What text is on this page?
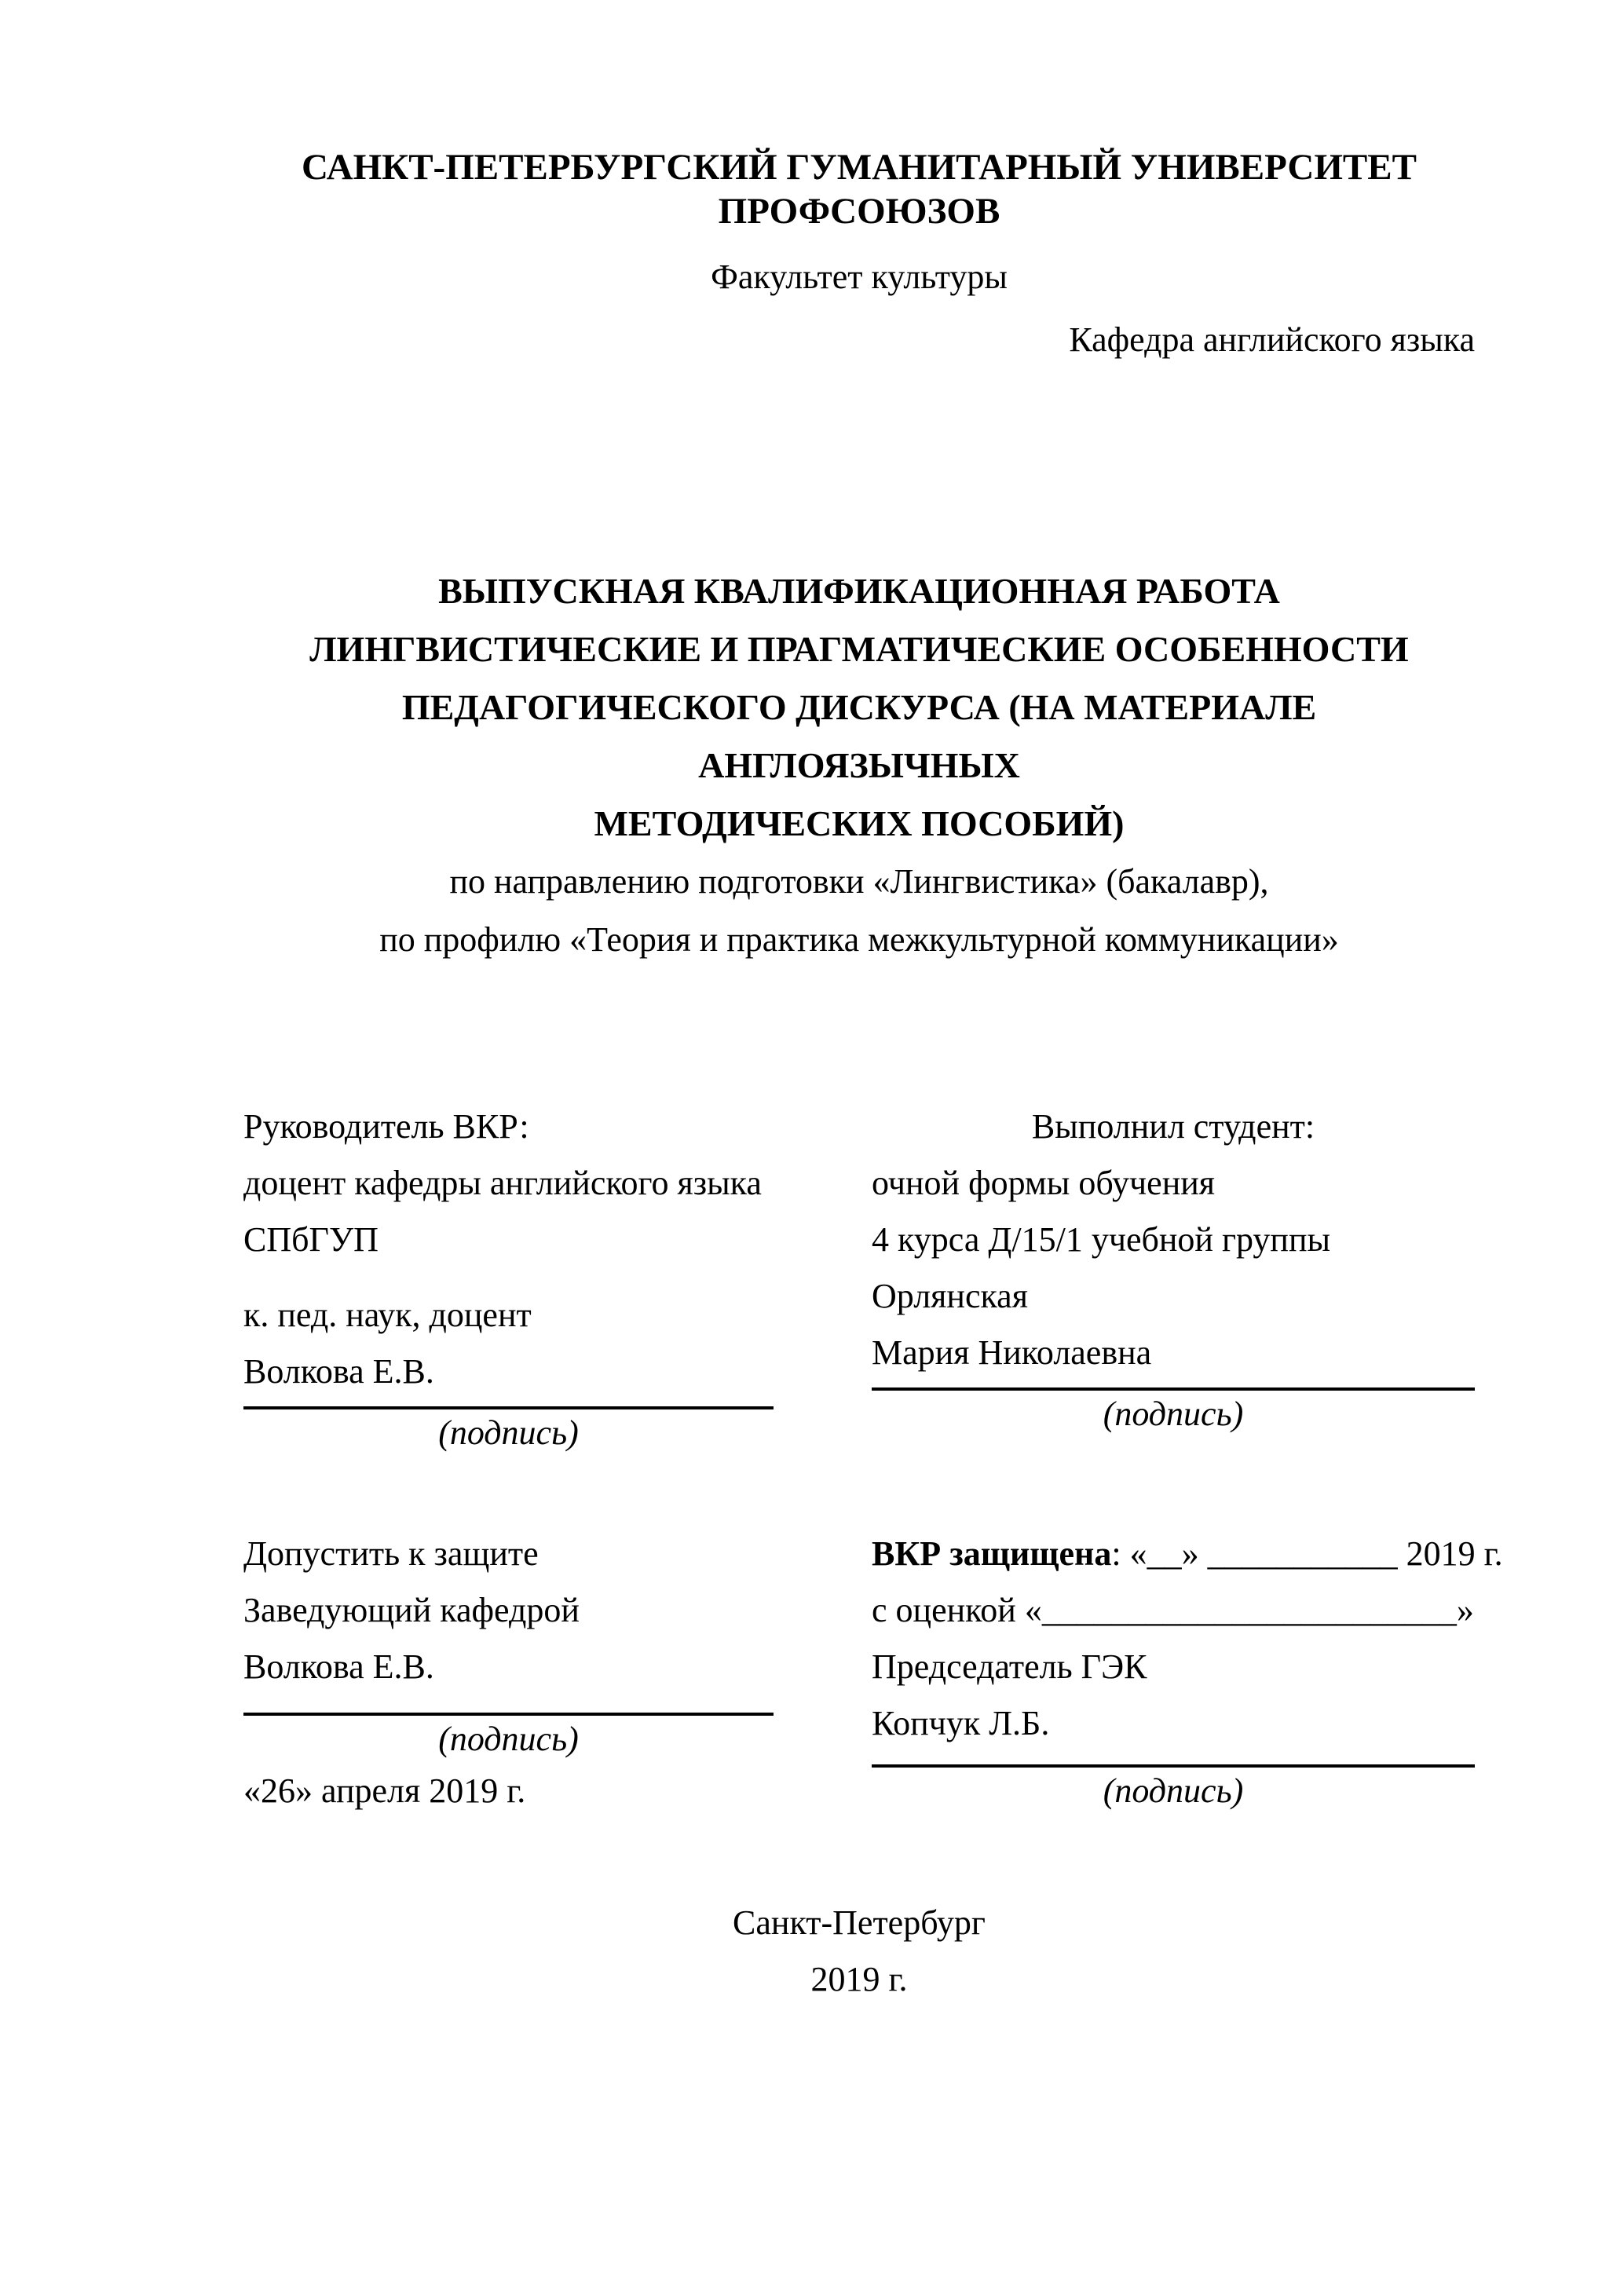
САНКТ-ПЕТЕРБУРГСКИЙ ГУМАНИТАРНЫЙ УНИВЕРСИТЕТ ПРОФСОЮЗОВ
Факультет культуры
Кафедра английского языка
ВЫПУСКНАЯ КВАЛИФИКАЦИОННАЯ РАБОТА
ЛИНГВИСТИЧЕСКИЕ И ПРАГМАТИЧЕСКИЕ ОСОБЕННОСТИ
ПЕДАГОГИЧЕСКОГО ДИСКУРСА (НА МАТЕРИАЛЕ АНГЛОЯЗЫЧНЫХ
МЕТОДИЧЕСКИХ ПОСОБИЙ)
по направлению подготовки «Лингвистика» (бакалавр),
по профилю «Теория и практика межкультурной коммуникации»

Руководитель ВКР:

доцент кафедры английского языка

СПбГУП

к. пед. наук, доцент

Волкова Е.В.

(подпись)

Выполнил студент:

очной формы обучения

4 курса Д/15/1 учебной группы

Орлянская

Мария Николаевна

(подпись)

Допустить к защите

Заведующий кафедрой

Волкова Е.В.

(подпись)

«26» апреля 2019 г.

ВКР защищена: «__» ___________ 2019 г.

с оценкой «________________________»

Председатель ГЭК

Копчук Л.Б.

(подпись)

Санкт-Петербург
2019 г.
